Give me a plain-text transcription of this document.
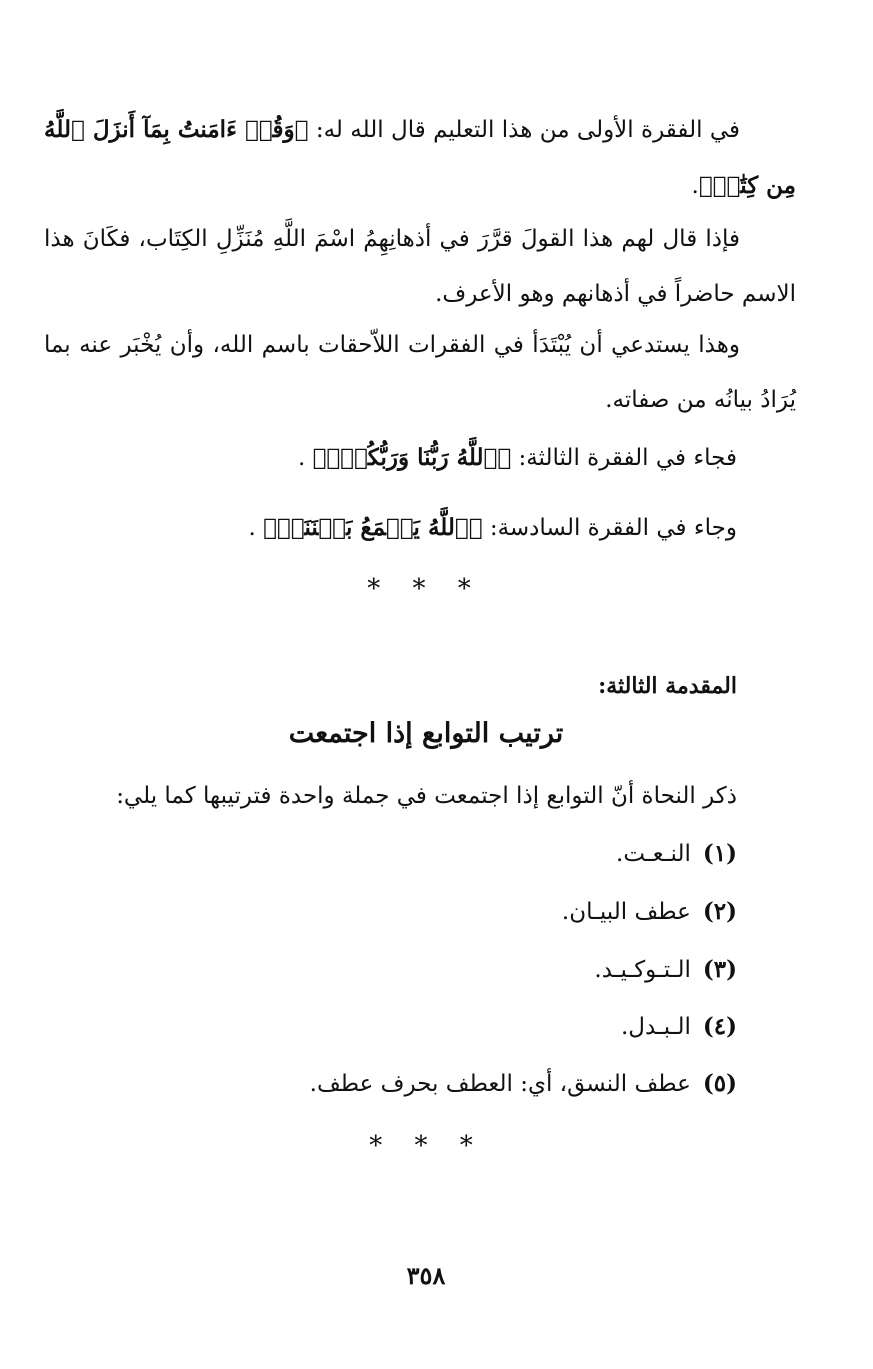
في الفقرة الأولى من هذا التعليم قال الله له: ﴿وَقُلۡ ءَامَنتُ بِمَآ أَنزَلَ ٱللَّهُ مِن كِتَٰبٖ﴾.
فإذا قال لهم هذا القولَ قرَّرَ في أذهانِهِمُ اسْمَ اللَّهِ مُنَزِّلِ الكِتَاب، فكَانَ هذا الاسم حاضراً في أذهانهم وهو الأعرف.
وهذا يستدعي أن يُبْتَدَأ في الفقرات اللاّحقات باسم الله، وأن يُخْبَر عنه بما يُرَادُ بيانُه من صفاته.
فجاء في الفقرة الثالثة: ﴿ٱللَّهُ رَبُّنَا وَرَبُّكُمۡۖ﴾ .
وجاء في الفقرة السادسة: ﴿ٱللَّهُ يَجۡمَعُ بَيۡنَنَاۖ﴾ .
* * *
المقدمة الثالثة:
ترتيب التوابع إذا اجتمعت
ذكر النحاة أنّ التوابع إذا اجتمعت في جملة واحدة فترتيبها كما يلي:
(١)النـعـت.
(٢)عطف البيـان.
(٣)الـتـوكـيـد.
(٤)الـبـدل.
(٥)عطف النسق، أي: العطف بحرف عطف.
* * *
٣٥٨
